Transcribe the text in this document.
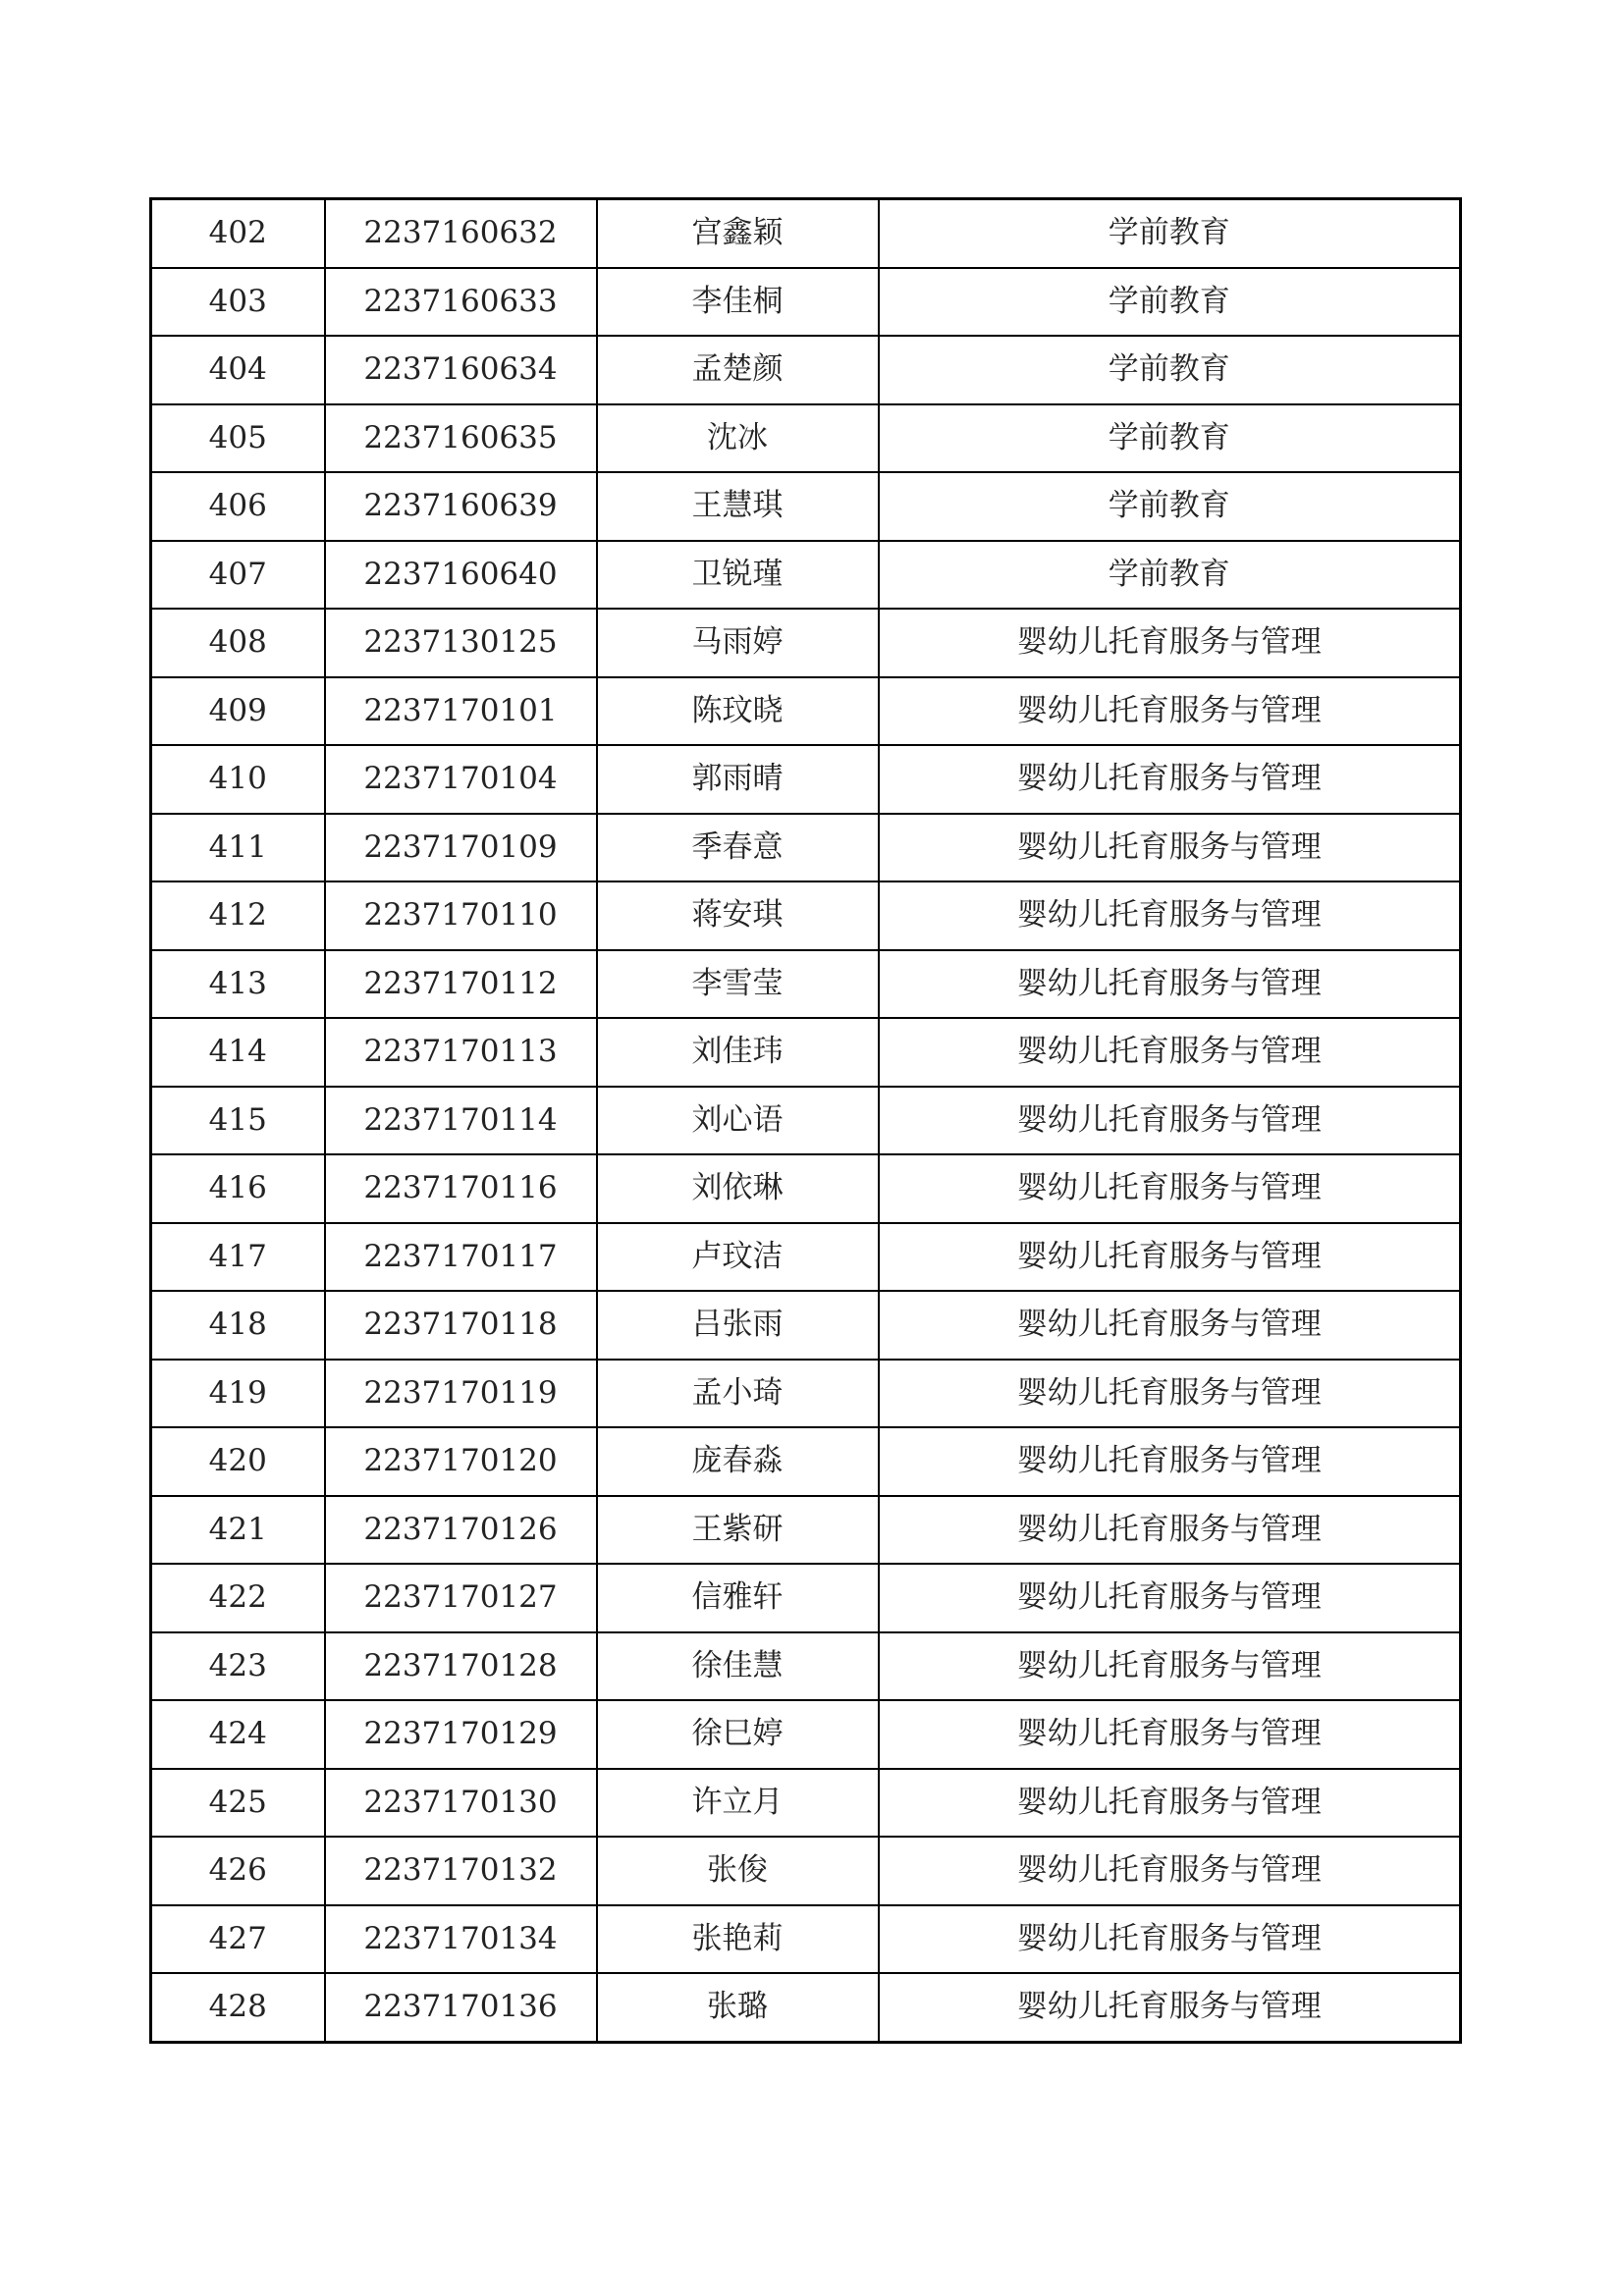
402	2237160632	宫鑫颖	学前教育
403	2237160633	李佳桐	学前教育
404	2237160634	孟楚颜	学前教育
405	2237160635	沈冰	学前教育
406	2237160639	王慧琪	学前教育
407	2237160640	卫锐瑾	学前教育
408	2237130125	马雨婷	婴幼儿托育服务与管理
409	2237170101	陈玟晓	婴幼儿托育服务与管理
410	2237170104	郭雨晴	婴幼儿托育服务与管理
411	2237170109	季春意	婴幼儿托育服务与管理
412	2237170110	蒋安琪	婴幼儿托育服务与管理
413	2237170112	李雪莹	婴幼儿托育服务与管理
414	2237170113	刘佳玮	婴幼儿托育服务与管理
415	2237170114	刘心语	婴幼儿托育服务与管理
416	2237170116	刘依琳	婴幼儿托育服务与管理
417	2237170117	卢玟洁	婴幼儿托育服务与管理
418	2237170118	吕张雨	婴幼儿托育服务与管理
419	2237170119	孟小琦	婴幼儿托育服务与管理
420	2237170120	庞春淼	婴幼儿托育服务与管理
421	2237170126	王紫研	婴幼儿托育服务与管理
422	2237170127	信雅轩	婴幼儿托育服务与管理
423	2237170128	徐佳慧	婴幼儿托育服务与管理
424	2237170129	徐巳婷	婴幼儿托育服务与管理
425	2237170130	许立月	婴幼儿托育服务与管理
426	2237170132	张俊	婴幼儿托育服务与管理
427	2237170134	张艳莉	婴幼儿托育服务与管理
428	2237170136	张璐	婴幼儿托育服务与管理
